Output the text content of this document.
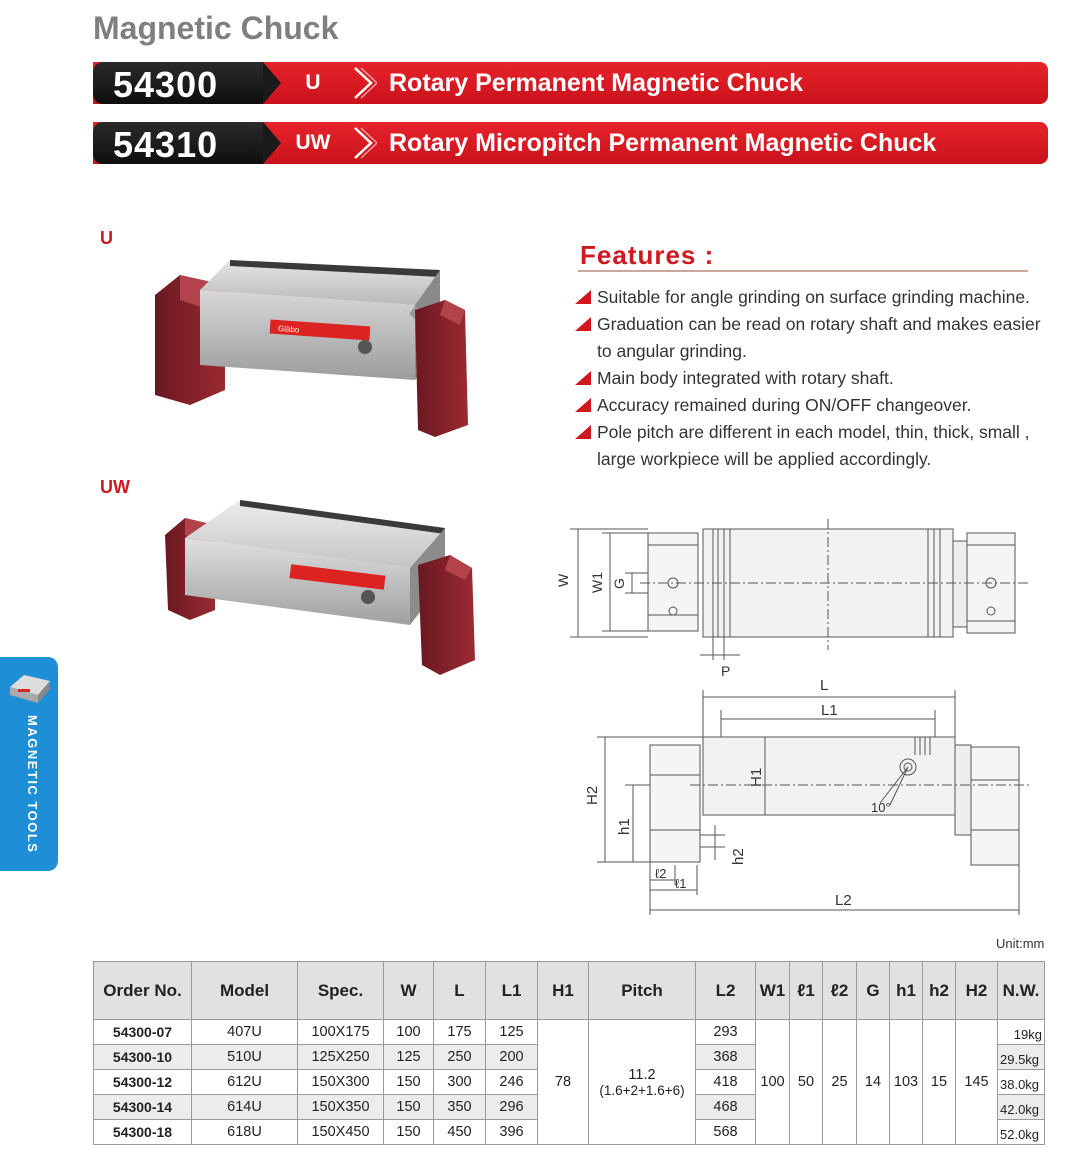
Magnetic Chuck
54300	U	Rotary Permanent Magnetic Chuck
54310	UW	Rotary Micropitch Permanent Magnetic Chuck
U
UW
Gläbo
Features :
Suitable for angle grinding on surface grinding machine.
Graduation can be read on rotary shaft and makes easier to angular grinding.
Main body integrated with rotary shaft.
Accuracy remained during ON/OFF changeover.
Pole pitch are different in each model, thin, thick, small , large workpiece will be applied accordingly.
W W1 G
P
L
L1
H2
h1
H1
h2
ℓ2
ℓ1
L2
10°
MAGNETIC TOOLS
Unit:mm
Order No.	Model	Spec.	W	L	L1	H1	Pitch	L2	W1	ℓ1	ℓ2	G	h1	h2	H2	N.W.
54300-07	407U	100X175	100	175	125	78	11.2
(1.6+2+1.6+6)	293	100	50	25	14	103	15	145	19kg
54300-10	510U	125X250	125	250	200			368								29.5kg
54300-12	612U	150X300	150	300	246			418								38.0kg
54300-14	614U	150X350	150	350	296			468								42.0kg
54300-18	618U	150X450	150	450	396			568								52.0kg
